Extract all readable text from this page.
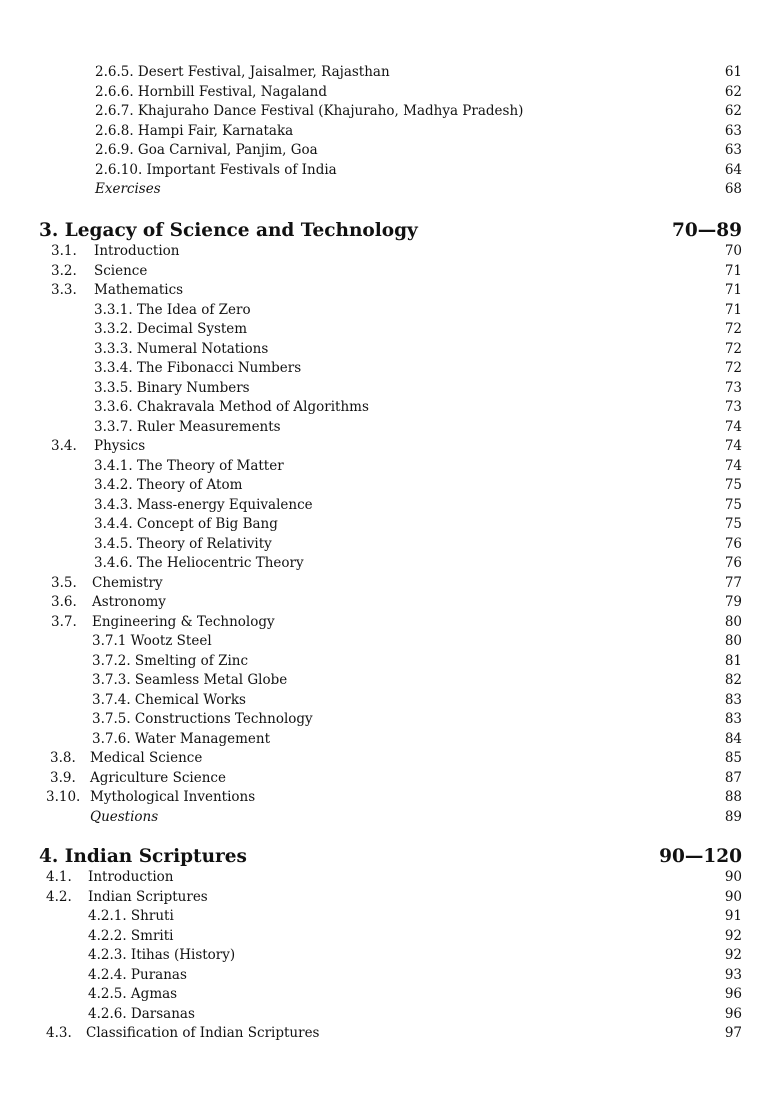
2.6.5. Desert Festival, Jaisalmer, Rajasthan	61
2.6.6. Hornbill Festival, Nagaland	62
2.6.7. Khajuraho Dance Festival (Khajuraho, Madhya Pradesh)	62
2.6.8. Hampi Fair, Karnataka	63
2.6.9. Goa Carnival, Panjim, Goa	63
2.6.10. Important Festivals of India	64
Exercises	68
3. Legacy of Science and Technology	70—89
3.1. Introduction	70
3.2. Science	71
3.3. Mathematics	71
3.3.1. The Idea of Zero	71
3.3.2. Decimal System	72
3.3.3. Numeral Notations	72
3.3.4. The Fibonacci Numbers	72
3.3.5. Binary Numbers	73
3.3.6. Chakravala Method of Algorithms	73
3.3.7. Ruler Measurements	74
3.4. Physics	74
3.4.1. The Theory of Matter	74
3.4.2. Theory of Atom	75
3.4.3. Mass-energy Equivalence	75
3.4.4. Concept of Big Bang	75
3.4.5. Theory of Relativity	76
3.4.6. The Heliocentric Theory	76
3.5. Chemistry	77
3.6. Astronomy	79
3.7. Engineering & Technology	80
3.7.1 Wootz Steel	80
3.7.2. Smelting of Zinc	81
3.7.3. Seamless Metal Globe	82
3.7.4. Chemical Works	83
3.7.5. Constructions Technology	83
3.7.6. Water Management	84
3.8. Medical Science	85
3.9. Agriculture Science	87
3.10. Mythological Inventions	88
Questions	89
4. Indian Scriptures	90—120
4.1. Introduction	90
4.2. Indian Scriptures	90
4.2.1. Shruti	91
4.2.2. Smriti	92
4.2.3. Itihas (History)	92
4.2.4. Puranas	93
4.2.5. Agmas	96
4.2.6. Darsanas	96
4.3. Classification of Indian Scriptures	97
